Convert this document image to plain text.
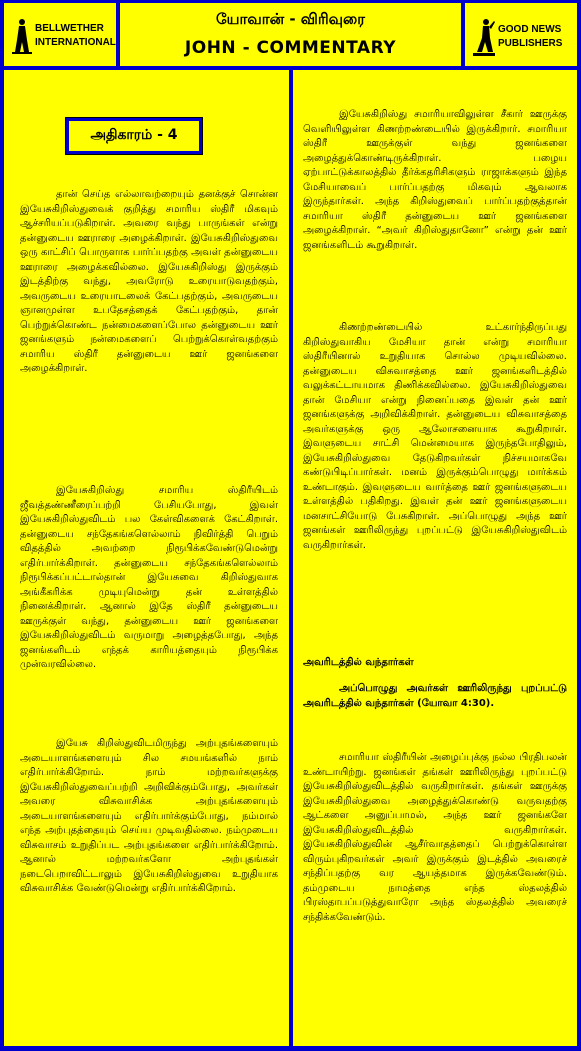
BELLWETHER INTERNATIONAL
யோவான் - விரிவுரை
JOHN - COMMENTARY
GOOD NEWS PUBLISHERS
அதிகாரம் - 4

தான் செய்த எல்லாவற்றையும் தனக்குச் சொன்ன இயேசுகிறிஸ்துவைக் குறித்து சமாரிய ஸ்திரீ மிகவும் ஆச்சரியப்படுகிறாள். அவரை வந்து பாருங்கள் என்று தன்னுடைய ஊராரை அழைக்கிறாள். இயேசுகிறிஸ்துவை ஒரு காட்சிப் பொருளாக பார்ப்பதற்கு அவள் தன்னுடைய ஊராரை அழைக்கவில்லை. இயேசுகிறிஸ்து இருக்கும் இடத்திற்கு வந்து, அவரோடு உரையாடுவதற்கும், அவருடைய உரையாடலைக் கேட்பதற்கும், அவருடைய ஞானமுள்ள உபதேசத்தைக் கேட்பதற்கும், தான் பெற்றுக்கொண்ட நன்மைகளைப்போல தன்னுடைய ஊர் ஜனங்களும் நன்மைகளைப் பெற்றுக்கொள்வதற்கும் சமாரிய ஸ்திரீ தன்னுடைய ஊர் ஜனங்களை அழைக்கிறாள்.

இயேசுகிறிஸ்து சமாரிய ஸ்திரீயிடம் ஜீவத்தண்ணீரைப்பற்றி பேசியபோது, இவள் இயேசுகிறிஸ்துவிடம் பல கேள்விகளைக் கேட்கிறாள். தன்னுடைய சந்தேகங்களெல்லாம் நிவிர்த்தி பெறும் விதத்தில் அவற்றை நிரூபிக்கவேண்டுமென்று எதிர்பார்க்கிறாள். தன்னுடைய சந்தேகங்களெல்லாம் நிரூபிக்கப்பட்டால்தான் இயேசுவை கிறிஸ்துவாக அங்கீகரிக்க முடியுமென்று தன் உள்ளத்தில் நினைக்கிறாள். ஆனால் இதே ஸ்திரீ தன்னுடைய ஊருக்குள் வந்து, தன்னுடைய ஊர் ஜனங்களை இயேசுகிறிஸ்துவிடம் வருமாறு அழைத்தபோது, அந்த ஜனங்களிடம் எந்தக் காரியத்தையும் நிரூபிக்க முன்வரவில்லை.

இயேசு கிறிஸ்துவிடமிருந்து அற்புதங்களையும் அடையாளங்களையும் சில சமயங்களில் நாம் எதிர்பார்க்கிறோம். நாம் மற்றவர்களுக்கு இயேசுகிறிஸ்துவைப்பற்றி அறிவிக்கும்போது, அவர்கள் அவரை விசுவாசிக்க அற்புதங்களையும் அடையாளங்களையும் எதிர்பார்க்கும்போது, நம்மால் எந்த அற்புதத்தையும் செய்ய முடிவதில்லை. நம்முடைய விசுவாசம் உறுதிப்பட அற்புதங்களை எதிர்பார்க்கிறோம். ஆனால் மற்றவர்களோ அற்புதங்கள் நடைபெறாவிட்டாலும் இயேசுகிறிஸ்துவை உறுதியாக விசுவாசிக்க வேண்டுமென்று எதிர்பார்க்கிறோம்.

இயேசுகிறிஸ்து சமாரியாவிலுள்ள சீகார் ஊருக்கு வெளியிலுள்ள கிணற்றண்டையில் இருக்கிறார். சமாரியா ஸ்திரீ ஊருக்குள் வந்து ஜனங்களை அழைத்துக்கொண்டிருக்கிறாள். பழைய ஏற்பாட்டுக்காலத்தில் தீர்க்கதரிசிகளும் ராஜாக்களும் இந்த மேசியாவைப் பார்ப்பதற்கு மிகவும் ஆவலாக இருந்தார்கள். அந்த கிறிஸ்துவைப் பார்ப்பதற்குத்தான் சமாரியா ஸ்திரீ தன்னுடைய ஊர் ஜனங்களை அழைக்கிறாள். “அவர் கிறிஸ்துதானோ” என்று தன் ஊர் ஜனங்களிடம் கூறுகிறாள்.

கிணற்றண்டையில் உட்கார்ந்திருப்பது கிறிஸ்துவாகிய மேசியா தான் என்று சமாரியா ஸ்திரீயினால் உறுதியாக சொல்ல முடியவில்லை. தன்னுடைய விசுவாசத்தை ஊர் ஜனங்களிடத்தில் வலுக்கட்டாயமாக திணிக்கவில்லை. இயேசுகிறிஸ்துவை தான் மேசியா என்று நினைப்பதை இவள் தன் ஊர் ஜனங்களுக்கு அறிவிக்கிறாள். தன்னுடைய விசுவாசத்தை அவர்களுக்கு ஒரு ஆலோசனையாக கூறுகிறாள். இவளுடைய சாட்சி மென்மையாக இருந்தபோதிலும், இயேசுகிறிஸ்துவை தேடுகிறவர்கள் நிச்சயமாகவே கண்டுபிடிப்பார்கள். மனம் இருக்கும்பொழுது மார்க்கம் உண்டாகும். இவளுடைய வார்த்தை ஊர் ஜனங்களுடைய உள்ளத்தில் பதிகிறது. இவள் தன் ஊர் ஜனங்களுடைய மனசாட்சியோடு பேசுகிறாள். அப்பொழுது அந்த ஊர் ஜனங்கள் ஊரிலிருந்து புறப்பட்டு இயேசுகிறிஸ்துவிடம் வருகிறார்கள்.

அவரிடத்தில் வந்தார்கள்

அப்பொழுது அவர்கள் ஊரிலிருந்து புறப்பட்டு அவரிடத்தில் வந்தார்கள் (யோவா 4:30).

சமாரியா ஸ்திரீயின் அழைப்புக்கு நல்ல பிரதிபலன் உண்டாயிற்று. ஜனங்கள் தங்கள் ஊரிலிருந்து புறப்பட்டு இயேசுகிறிஸ்துவிடத்தில் வருகிறார்கள். தங்கள் ஊருக்கு இயேசுகிறிஸ்துவை அழைத்துக்கொண்டு வருவதற்கு ஆட்களை அனுப்பாமல், அந்த ஊர் ஜனங்களே இயேசுகிறிஸ்துவிடத்தில் வருகிறார்கள். இயேசுகிறிஸ்துவின் ஆசீர்வாதத்தைப் பெற்றுக்கொள்ள விரும்புகிறவர்கள் அவர் இருக்கும் இடத்தில் அவரைச் சந்திப்பதற்கு வர ஆயத்தமாக இருக்கவேண்டும். தம்முடைய நாமத்தை எந்த ஸ்தலத்தில் பிரஸ்தாபப்படுத்துவாரோ அந்த ஸ்தலத்தில் அவரைச் சந்திக்கவேண்டும்.
